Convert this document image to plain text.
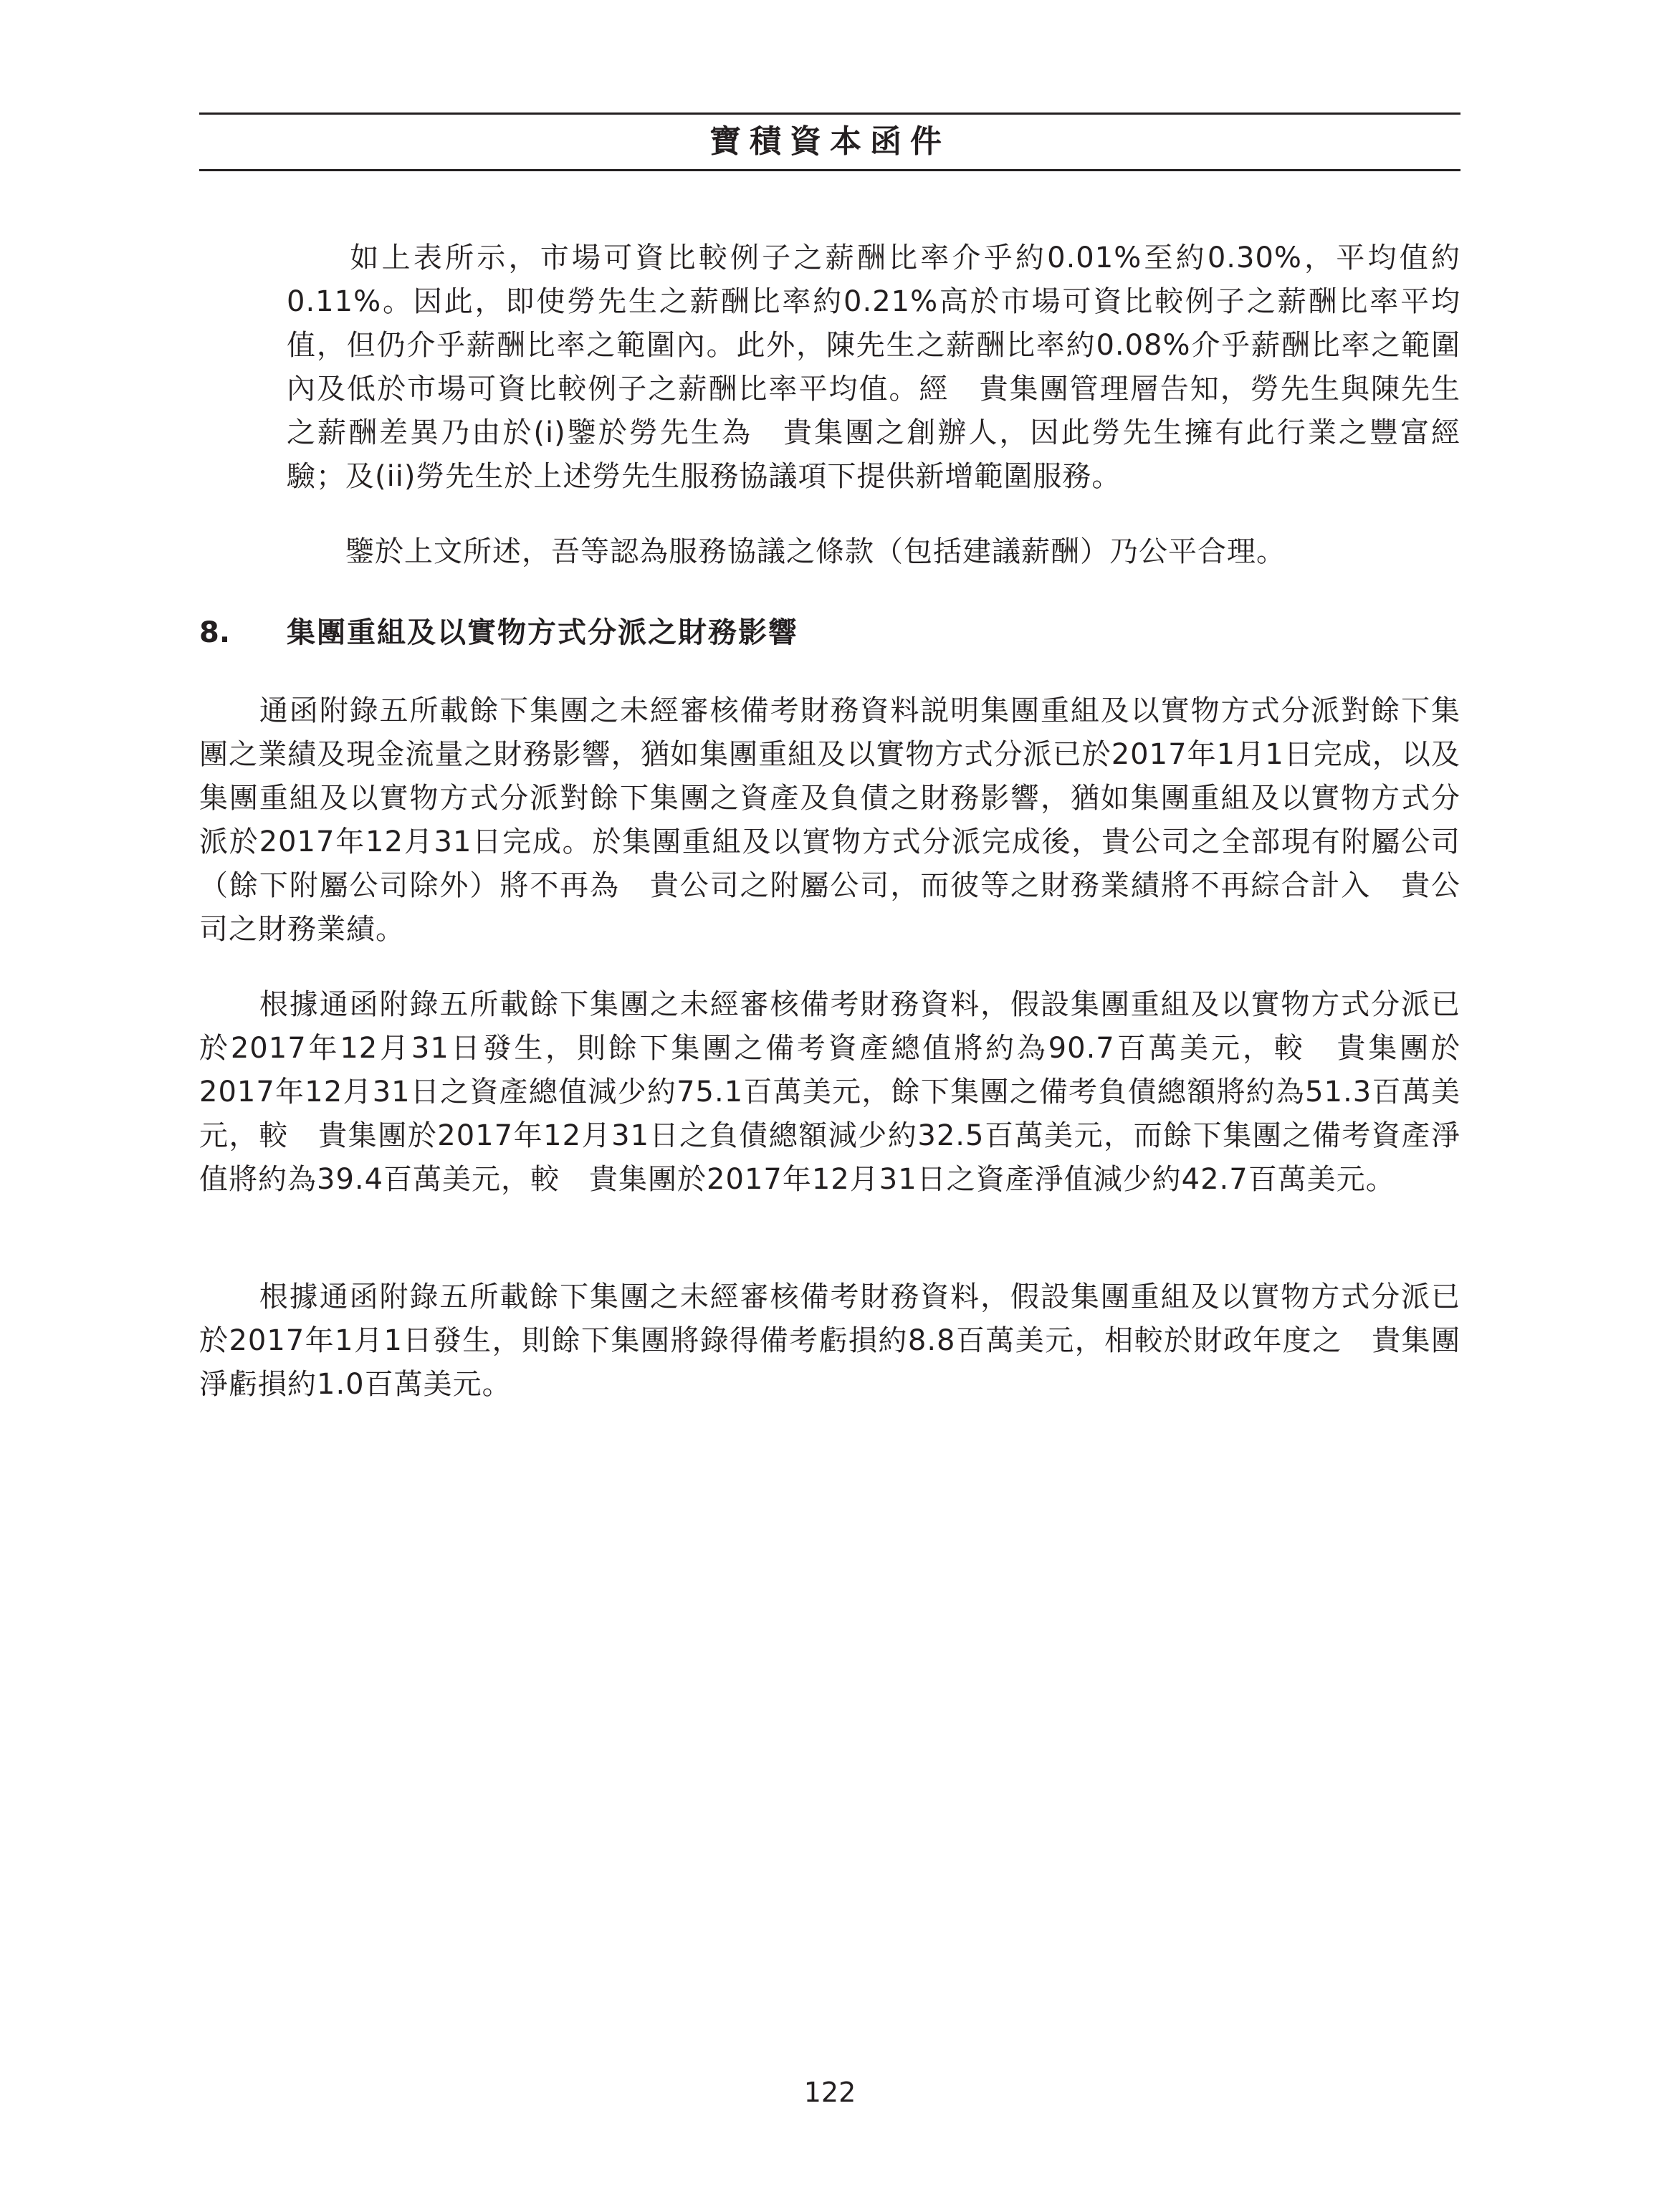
寶積資本函件

　　如上表所示，市場可資比較例子之薪酬比率介乎約0.01%至約0.30%，平均值約0.11%。因此，即使勞先生之薪酬比率約0.21%高於市場可資比較例子之薪酬比率平均值，但仍介乎薪酬比率之範圍內。此外，陳先生之薪酬比率約0.08%介乎薪酬比率之範圍內及低於市場可資比較例子之薪酬比率平均值。經　貴集團管理層告知，勞先生與陳先生之薪酬差異乃由於(i)鑒於勞先生為　貴集團之創辦人，因此勞先生擁有此行業之豐富經驗；及(ii)勞先生於上述勞先生服務協議項下提供新增範圍服務。

　　鑒於上文所述，吾等認為服務協議之條款（包括建議薪酬）乃公平合理。

8. 集團重組及以實物方式分派之財務影響

　　通函附錄五所載餘下集團之未經審核備考財務資料説明集團重組及以實物方式分派對餘下集團之業績及現金流量之財務影響，猶如集團重組及以實物方式分派已於2017年1月1日完成，以及集團重組及以實物方式分派對餘下集團之資產及負債之財務影響，猶如集團重組及以實物方式分派於2017年12月31日完成。於集團重組及以實物方式分派完成後，貴公司之全部現有附屬公司（餘下附屬公司除外）將不再為　貴公司之附屬公司，而彼等之財務業績將不再綜合計入　貴公司之財務業績。

　　根據通函附錄五所載餘下集團之未經審核備考財務資料，假設集團重組及以實物方式分派已於2017年12月31日發生，則餘下集團之備考資產總值將約為90.7百萬美元，較　貴集團於2017年12月31日之資產總值減少約75.1百萬美元，餘下集團之備考負債總額將約為51.3百萬美元，較　貴集團於2017年12月31日之負債總額減少約32.5百萬美元，而餘下集團之備考資產淨值將約為39.4百萬美元，較　貴集團於2017年12月31日之資產淨值減少約42.7百萬美元。

　　根據通函附錄五所載餘下集團之未經審核備考財務資料，假設集團重組及以實物方式分派已於2017年1月1日發生，則餘下集團將錄得備考虧損約8.8百萬美元，相較於財政年度之　貴集團淨虧損約1.0百萬美元。

122
